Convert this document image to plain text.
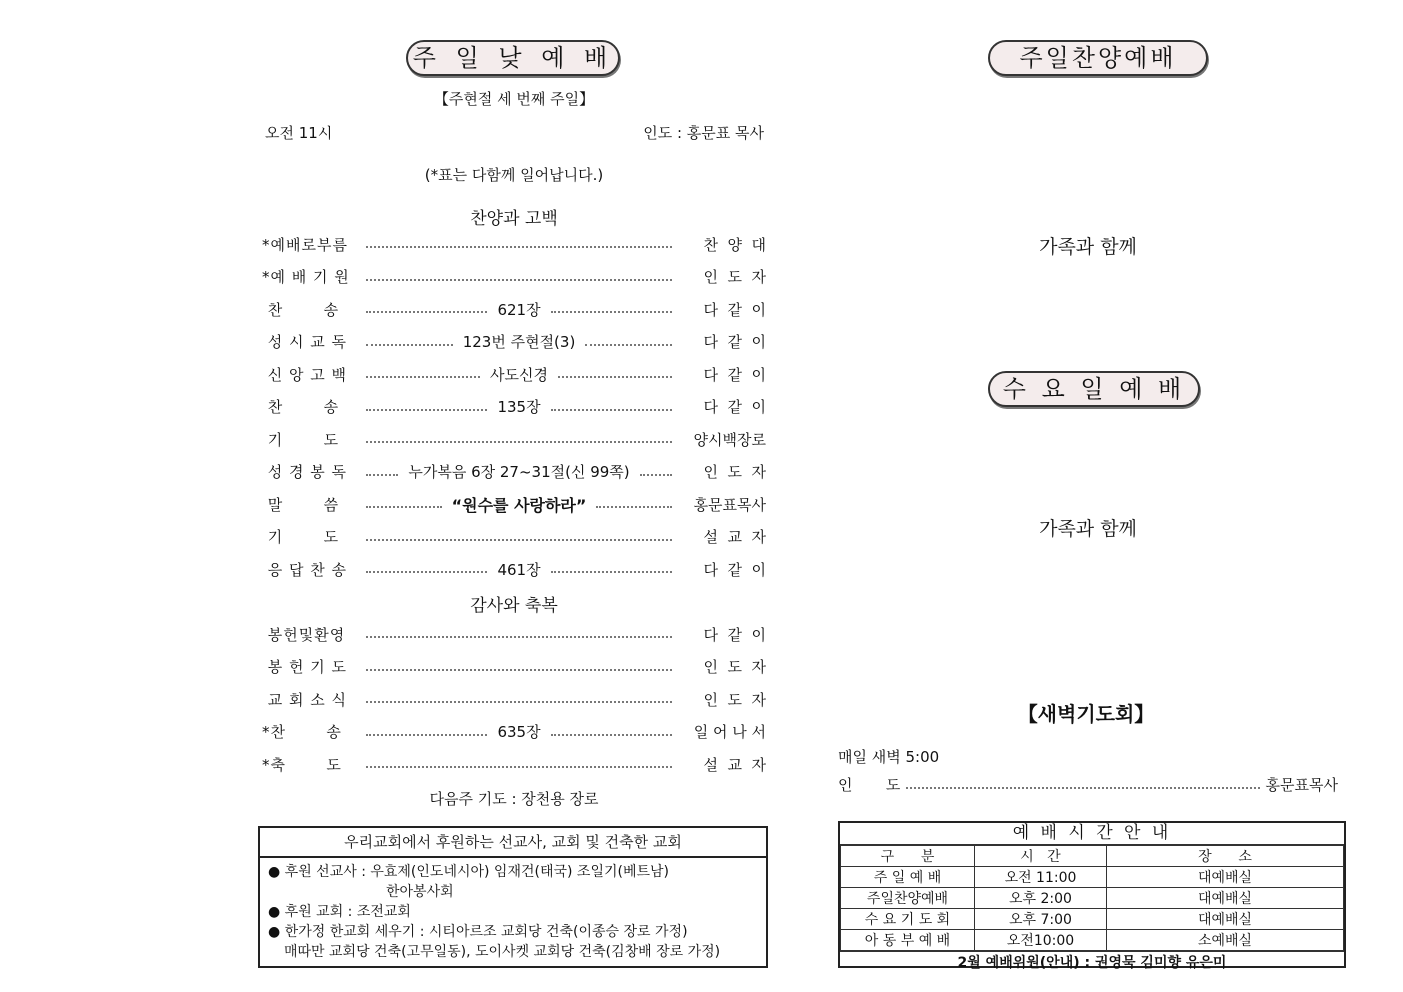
주 일 낮 예 배
【주현절 세 번째 주일】
오전 11시	인도 : 홍문표 목사
(*표는 다함께 일어납니다.)
찬양과 고백
*예배로부름	찬  양  대
*예 배 기 원	인  도  자
찬       송	621장	다  같  이
성 시 교 독	123번 주현절(3)	다  같  이
신 앙 고 백	사도신경	다  같  이
찬       송	135장	다  같  이
기       도	양시백장로
성 경 봉 독	누가복음 6장 27~31절(신 99쪽)	인  도  자
말       씀	“원수를 사랑하라”	홍문표목사
기       도	설  교  자
응 답 찬 송	461장	다  같  이
감사와 축복
봉헌및환영	다  같  이
봉 헌 기 도	인  도  자
교 회 소 식	인  도  자
*찬       송	635장	일 어 나 서
*축       도	설  교  자
다음주 기도 : 장천용 장로
우리교회에서 후원하는 선교사, 교회 및 건축한 교회
● 후원 선교사 : 우효제(인도네시아) 임재건(태국) 조일기(베트남)
한아봉사회
● 후원 교회 : 조전교회
● 한가정 한교회 세우기 : 시티아르조 교회당 건축(이종승 장로 가정)
매따만 교회당 건축(고무일동), 도이사켓 교회당 건축(김창배 장로 가정)
주일찬양예배
가족과 함께
수 요 일 예 배
가족과 함께
【새벽기도회】
매일 새벽 5:00
인       도	홍문표목사
예 배 시 간 안 내
구      분	시   간	장      소
주 일 예 배	오전 11:00	대예배실
주일찬양예배	오후 2:00	대예배실
수 요 기 도 회	오후 7:00	대예배실
아 동 부 예 배	오전10:00	소예배실
2월 예배위원(안내) : 권영묵 김미향 유은미
